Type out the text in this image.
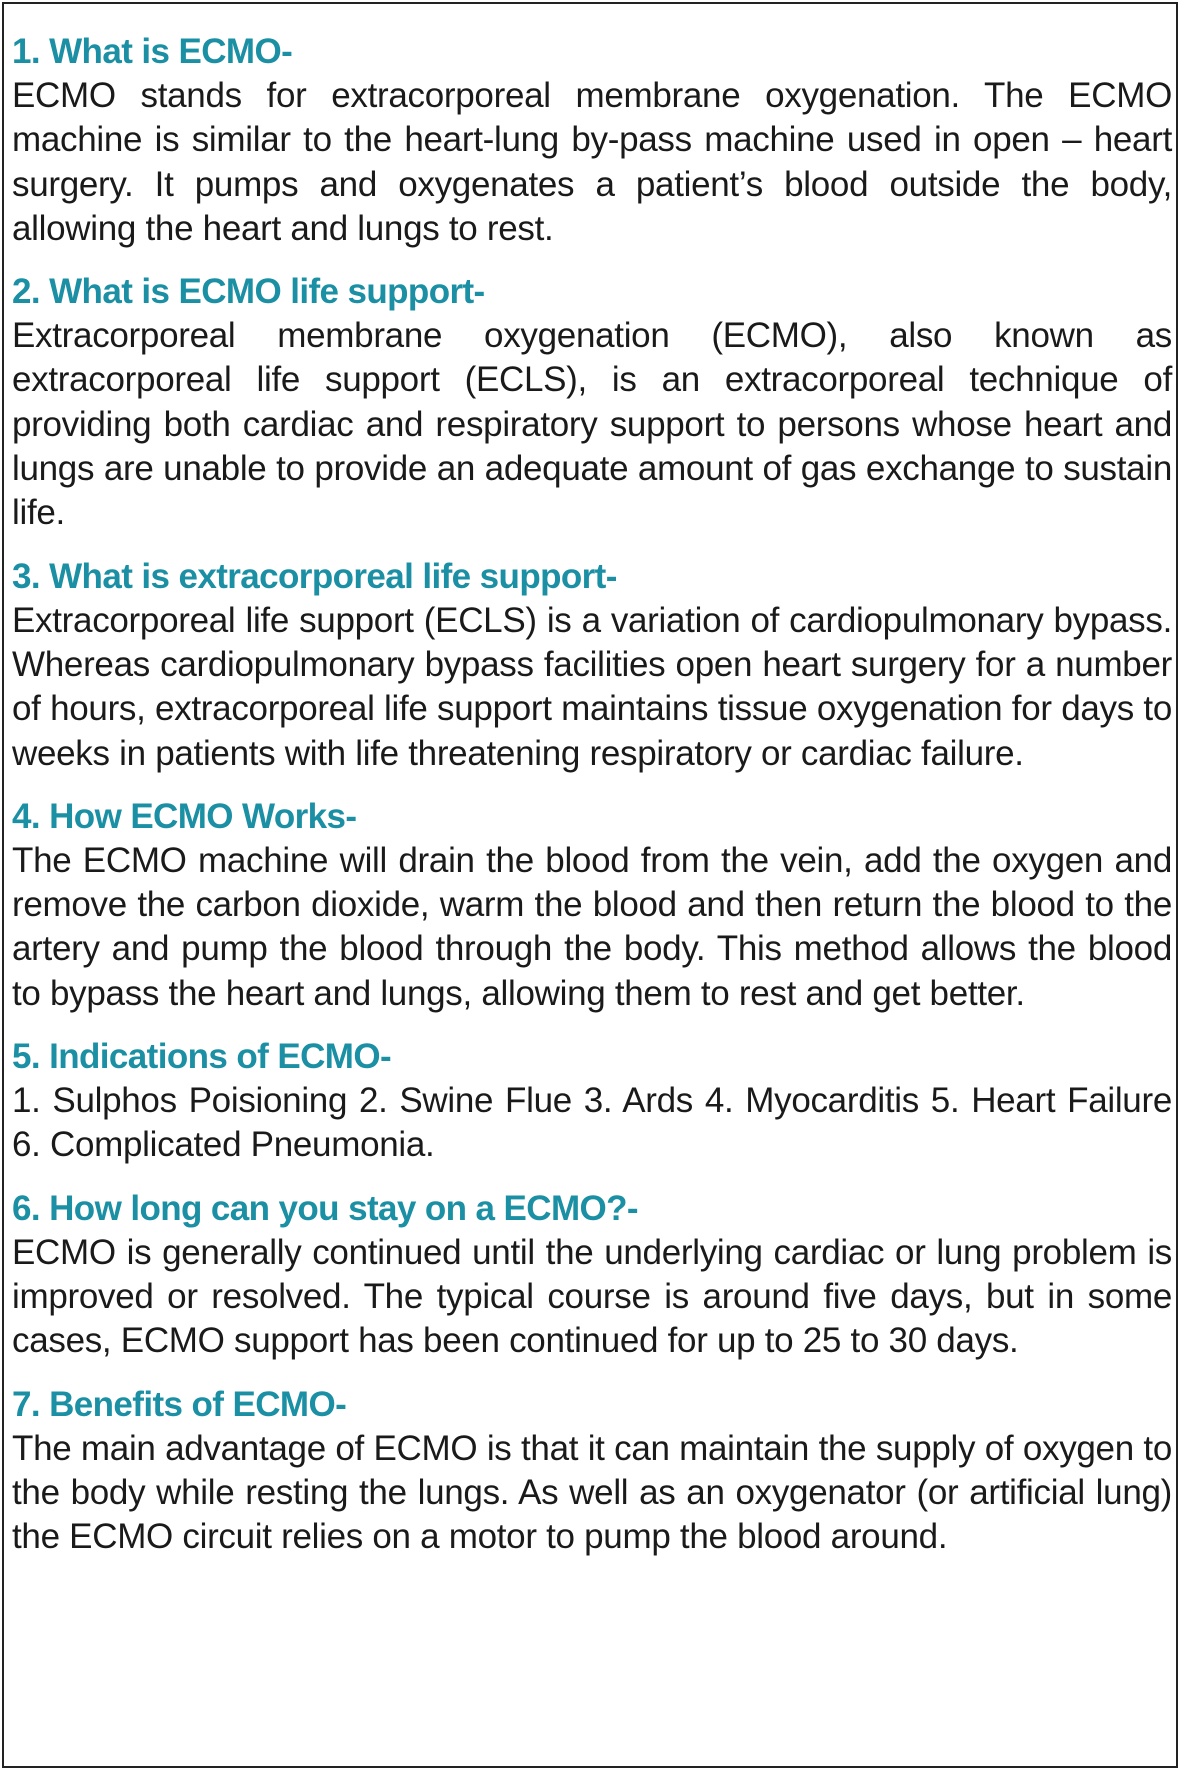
1. What is ECMO-

ECMO stands for extracorporeal membrane oxygenation. The ECMO machine is similar to the heart-lung by-pass machine used in open – heart surgery. It pumps and oxygenates a patient’s blood outside the body, allowing the heart and lungs to rest.

2. What is ECMO life support-

Extracorporeal membrane oxygenation (ECMO), also known as extracorporeal life support (ECLS), is an extracorporeal technique of providing both cardiac and respiratory support to persons whose heart and lungs are unable to provide an adequate amount of gas exchange to sustain life.

3. What is extracorporeal life support-

Extracorporeal life support (ECLS) is a variation of cardiopulmonary bypass. Whereas cardiopulmonary bypass facilities open heart surgery for a number of hours, extracorporeal life support maintains tissue oxygenation for days to weeks in patients with life threatening respiratory or cardiac failure.

4. How ECMO Works-

The ECMO machine will drain the blood from the vein, add the oxygen and remove the carbon dioxide, warm the blood and then return the blood to the artery and pump the blood through the body. This method allows the blood to bypass the heart and lungs, allowing them to rest and get better.

5. Indications of ECMO-

1. Sulphos Poisioning 2. Swine Flue 3. Ards 4. Myocarditis 5. Heart Failure 6. Complicated Pneumonia.

6. How long can you stay on a ECMO?-

ECMO is generally continued until the underlying cardiac or lung problem is improved or resolved. The typical course is around five days, but in some cases, ECMO support has been continued for up to 25 to 30 days.

7. Benefits of ECMO-

The main advantage of ECMO is that it can maintain the supply of oxygen to the body while resting the lungs. As well as an oxygenator (or artificial lung) the ECMO circuit relies on a motor to pump the blood around.
